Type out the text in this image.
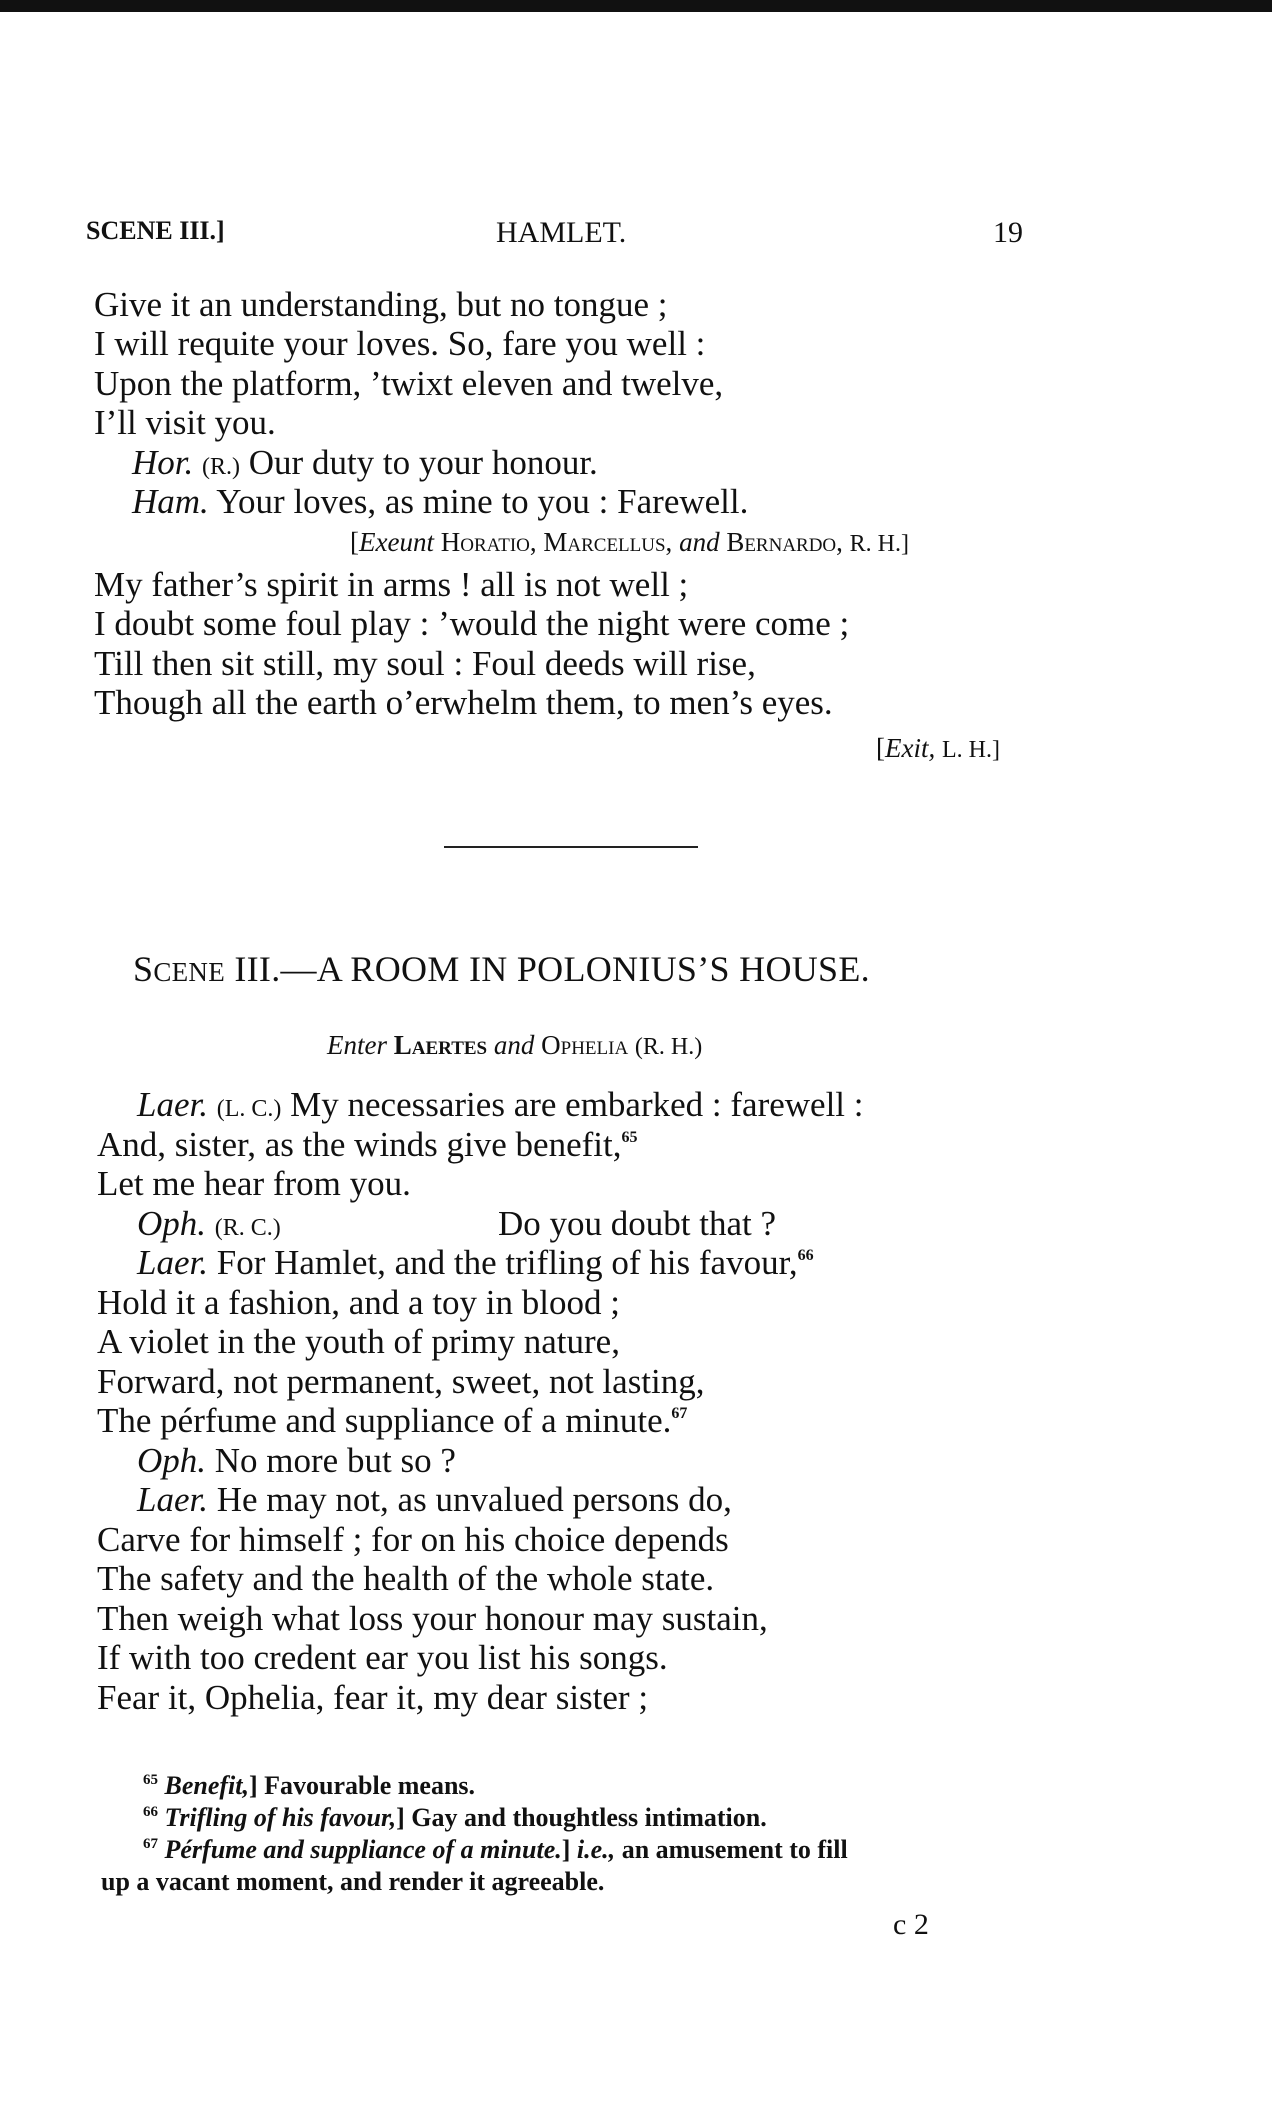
SCENE III.]	HAMLET.	19
Give it an understanding, but no tongue ;
I will requite your loves. So, fare you well :
Upon the platform, ’twixt eleven and twelve,
I’ll visit you.
Hor. (R.) Our duty to your honour.
Ham. Your loves, as mine to you : Farewell.
[Exeunt Horatio, Marcellus, and Bernardo, R. H.]
My father’s spirit in arms ! all is not well ;
I doubt some foul play : ’would the night were come ;
Till then sit still, my soul : Foul deeds will rise,
Though all the earth o’erwhelm them, to men’s eyes.
[Exit, L. H.]
SCENE III.—A ROOM IN POLONIUS’S HOUSE.
Enter Laertes and Ophelia (R. H.)
Laer. (L. C.) My necessaries are embarked : farewell :
And, sister, as the winds give benefit,$^{65}$
Let me hear from you.
Oph. (R. C.)	Do you doubt that ?
Laer. For Hamlet, and the trifling of his favour,$^{66}$
Hold it a fashion, and a toy in blood ;
A violet in the youth of primy nature,
Forward, not permanent, sweet, not lasting,
The pérfume and suppliance of a minute.$^{67}$
Oph. No more but so ?
Laer. He may not, as unvalued persons do,
Carve for himself ; for on his choice depends
The safety and the health of the whole state.
Then weigh what loss your honour may sustain,
If with too credent ear you list his songs.
Fear it, Ophelia, fear it, my dear sister ;
$^{65}$ Benefit,] Favourable means.
$^{66}$ Trifling of his favour,] Gay and thoughtless intimation.
$^{67}$ Pérfume and suppliance of a minute.] i.e., an amusement to fill
up a vacant moment, and render it agreeable.
c 2
